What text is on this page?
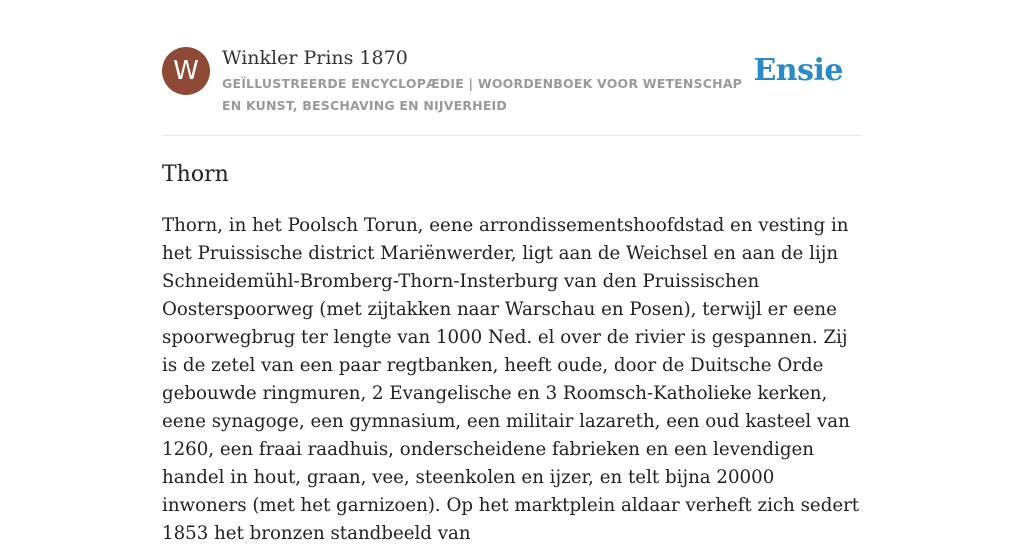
W	Winkler Prins 1870
GEÏLLUSTREERDE ENCYCLOPÆDIE | WOORDENBOEK VOOR WETENSCHAP EN KUNST, BESCHAVING EN NIJVERHEID
Ensie
Thorn

Thorn, in het Poolsch Torun, eene arrondissementshoofdstad en vesting in het Pruissische district Mariënwerder, ligt aan de Weichsel en aan de lijn Schneidemühl-Bromberg-Thorn-Insterburg van den Pruissischen Oosterspoorweg (met zijtakken naar Warschau en Posen), terwijl er eene spoorwegbrug ter lengte van 1000 Ned. el over de rivier is gespannen. Zij is de zetel van een paar regtbanken, heeft oude, door de Duitsche Orde gebouwde ringmuren, 2 Evangelische en 3 Roomsch-Katholieke kerken, eene synagoge, een gymnasium, een militair lazareth, een oud kasteel van 1260, een fraai raadhuis, onderscheidene fabrieken en een levendigen handel in hout, graan, vee, steenkolen en ijzer, en telt bijna 20000 inwoners (met het garnizoen). Op het marktplein aldaar verheft zich sedert 1853 het bronzen standbeeld van
